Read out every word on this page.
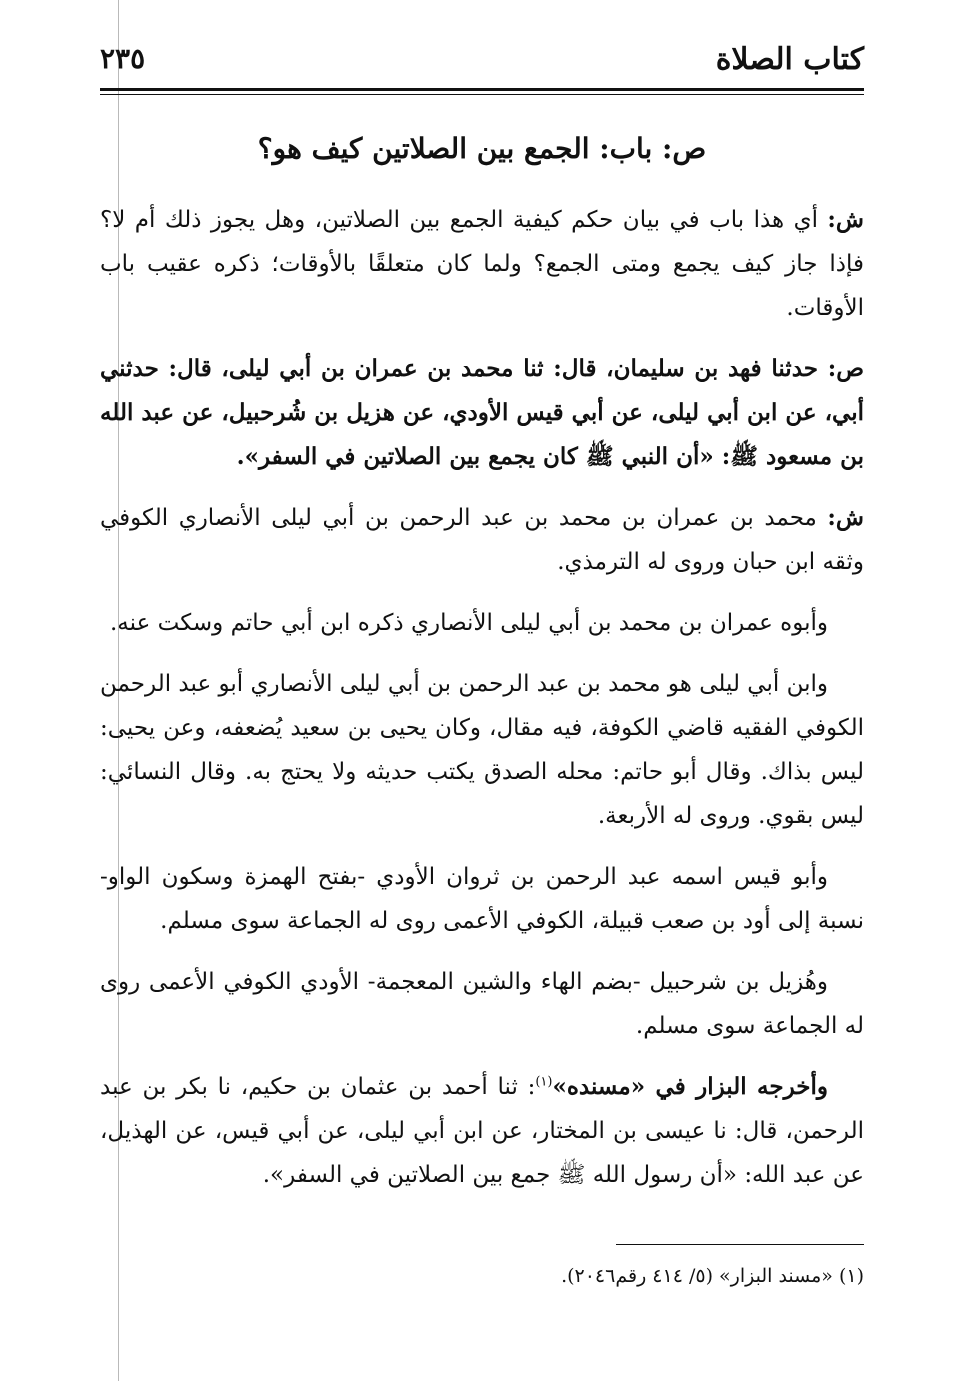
كتاب الصلاة
٢٣٥
ص: باب: الجمع بين الصلاتين كيف هو؟

ش: أي هذا باب في بيان حكم كيفية الجمع بين الصلاتين، وهل يجوز ذلك أم لا؟ فإذا جاز كيف يجمع ومتى الجمع؟ ولما كان متعلقًا بالأوقات؛ ذكره عقيب باب الأوقات.

ص: حدثنا فهد بن سليمان، قال: ثنا محمد بن عمران بن أبي ليلى، قال: حدثني أبي، عن ابن أبي ليلى، عن أبي قيس الأودي، عن هزيل بن شُرحبيل، عن عبد الله بن مسعود ﷺ: «أن النبي ﷺ كان يجمع بين الصلاتين في السفر».

ش: محمد بن عمران بن محمد بن عبد الرحمن بن أبي ليلى الأنصاري الكوفي وثقه ابن حبان وروى له الترمذي.

وأبوه عمران بن محمد بن أبي ليلى الأنصاري ذكره ابن أبي حاتم وسكت عنه.

وابن أبي ليلى هو محمد بن عبد الرحمن بن أبي ليلى الأنصاري أبو عبد الرحمن الكوفي الفقيه قاضي الكوفة، فيه مقال، وكان يحيى بن سعيد يُضعفه، وعن يحيى: ليس بذاك. وقال أبو حاتم: محله الصدق يكتب حديثه ولا يحتج به. وقال النسائي: ليس بقوي. وروى له الأربعة.

وأبو قيس اسمه عبد الرحمن بن ثروان الأودي -بفتح الهمزة وسكون الواو- نسبة إلى أود بن صعب قبيلة، الكوفي الأعمى روى له الجماعة سوى مسلم.

وهُزيل بن شرحبيل -بضم الهاء والشين المعجمة- الأودي الكوفي الأعمى روى له الجماعة سوى مسلم.

وأخرجه البزار في «مسنده»$^{(١)}$: ثنا أحمد بن عثمان بن حكيم، نا بكر بن عبد الرحمن، قال: نا عيسى بن المختار، عن ابن أبي ليلى، عن أبي قيس، عن الهذيل، عن عبد الله: «أن رسول الله ﷺ جمع بين الصلاتين في السفر».

(١) «مسند البزار» (٥/ ٤١٤ رقم٢٠٤٦).
